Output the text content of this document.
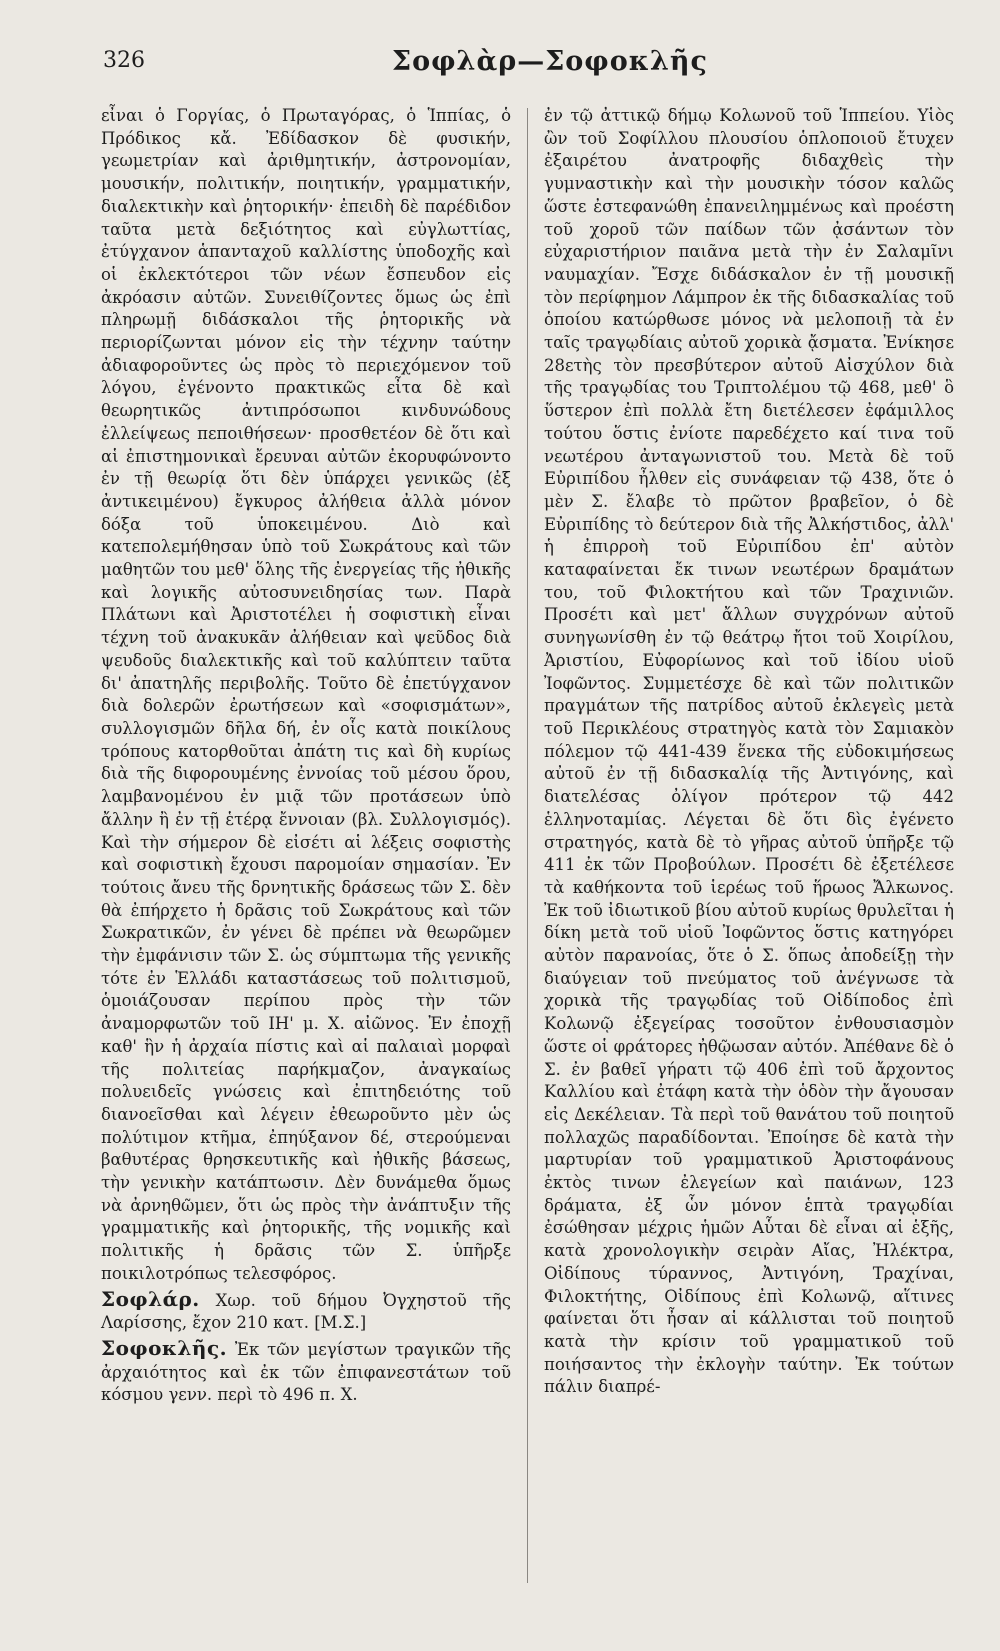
326	Σοφλὰρ—Σοφοκλῆς

εἶναι ὁ Γοργίας, ὁ Πρωταγόρας, ὁ Ἱππίας, ὁ Πρόδικος κἄ. Ἐδίδασκον δὲ φυσικήν, γεωμετρίαν καὶ ἀριθμητικήν, ἀστρονομίαν, μουσικήν, πολιτικήν, ποιητικήν, γραμματικήν, διαλεκτικὴν καὶ ῥητορικήν· ἐπειδὴ δὲ παρέδιδον ταῦτα μετὰ δεξιότητος καὶ εὐγλωττίας, ἐτύγχανον ἁπανταχοῦ καλλίστης ὑποδοχῆς καὶ οἱ ἐκλεκτότεροι τῶν νέων ἔσπευδον εἰς ἀκρόασιν αὐτῶν. Συνειθίζοντες ὅμως ὡς ἐπὶ πληρωμῇ διδάσκαλοι τῆς ῥητορικῆς νὰ περιορίζωνται μόνον εἰς τὴν τέχνην ταύτην ἀδιαφοροῦντες ὡς πρὸς τὸ περιεχόμενον τοῦ λόγου, ἐγένοντο πρακτικῶς εἶτα δὲ καὶ θεωρητικῶς ἀντιπρόσωποι κινδυνώδους ἐλλείψεως πεποιθήσεων· προσθετέον δὲ ὅτι καὶ αἱ ἐπιστημονικαὶ ἔρευναι αὐτῶν ἐκορυφώνοντο ἐν τῇ θεωρίᾳ ὅτι δὲν ὑπάρχει γενικῶς (ἐξ ἀντικειμένου) ἔγκυρος ἀλήθεια ἀλλὰ μόνον δόξα τοῦ ὑποκειμένου. Διὸ καὶ κατεπολεμήθησαν ὑπὸ τοῦ Σωκράτους καὶ τῶν μαθητῶν του μεθ' ὅλης τῆς ἐνεργείας τῆς ἠθικῆς καὶ λογικῆς αὐτοσυνειδησίας των. Παρὰ Πλάτωνι καὶ Ἀριστοτέλει ἡ σοφιστικὴ εἶναι τέχνη τοῦ ἀνακυκᾶν ἀλήθειαν καὶ ψεῦδος διὰ ψευδοῦς διαλεκτικῆς καὶ τοῦ καλύπτειν ταῦτα δι' ἀπατηλῆς περιβολῆς. Τοῦτο δὲ ἐπετύγχανον διὰ δολερῶν ἐρωτήσεων καὶ «σοφισμάτων», συλλογισμῶν δῆλα δή, ἐν οἷς κατὰ ποικίλους τρόπους κατορθοῦται ἀπάτη τις καὶ δὴ κυρίως διὰ τῆς διφορουμένης ἐννοίας τοῦ μέσου ὅρου, λαμβανομένου ἐν μιᾷ τῶν προτάσεων ὑπὸ ἄλλην ἢ ἐν τῇ ἑτέρᾳ ἔννοιαν (βλ. Συλλογισμός). Καὶ τὴν σήμερον δὲ εἰσέτι αἱ λέξεις σοφιστὴς καὶ σοφιστικὴ ἔχουσι παρομοίαν σημασίαν. Ἐν τούτοις ἄνευ τῆς δρνητικῆς δράσεως τῶν Σ. δὲν θὰ ἐπήρχετο ἡ δρᾶσις τοῦ Σωκράτους καὶ τῶν Σωκρατικῶν, ἐν γένει δὲ πρέπει νὰ θεωρῶμεν τὴν ἐμφάνισιν τῶν Σ. ὡς σύμπτωμα τῆς γενικῆς τότε ἐν Ἑλλάδι καταστάσεως τοῦ πολιτισμοῦ, ὁμοιάζουσαν περίπου πρὸς τὴν τῶν ἀναμορφωτῶν τοῦ ΙΗ' μ. Χ. αἰῶνος. Ἐν ἐποχῇ καθ' ἣν ἡ ἀρχαία πίστις καὶ αἱ παλαιαὶ μορφαὶ τῆς πολιτείας παρήκμαζον, ἀναγκαίως πολυειδεῖς γνώσεις καὶ ἐπιτηδειότης τοῦ διανοεῖσθαι καὶ λέγειν ἐθεωροῦντο μὲν ὡς πολύτιμον κτῆμα, ἐπηύξανον δέ, στερούμεναι βαθυτέρας θρησκευτικῆς καὶ ἠθικῆς βάσεως, τὴν γενικὴν κατάπτωσιν. Δὲν δυνάμεθα ὅμως νὰ ἀρνηθῶμεν, ὅτι ὡς πρὸς τὴν ἀνάπτυξιν τῆς γραμματικῆς καὶ ῥητορικῆς, τῆς νομικῆς καὶ πολιτικῆς ἡ δρᾶσις τῶν Σ. ὑπῆρξε ποικιλοτρόπως τελεσφόρος.

Σοφλάρ. Χωρ. τοῦ δήμου Ὀγχηστοῦ τῆς Λαρίσσης, ἔχον 210 κατ. [Μ.Σ.]

Σοφοκλῆς. Ἐκ τῶν μεγίστων τραγικῶν τῆς ἀρχαιότητος καὶ ἐκ τῶν ἐπιφανεστάτων τοῦ κόσμου γενν. περὶ τὸ 496 π. Χ.

ἐν τῷ ἀττικῷ δήμῳ Κολωνοῦ τοῦ Ἱππείου. Υἱὸς ὢν τοῦ Σοφίλλου πλουσίου ὁπλοποιοῦ ἔτυχεν ἐξαιρέτου ἀνατροφῆς διδαχθεὶς τὴν γυμναστικὴν καὶ τὴν μουσικὴν τόσον καλῶς ὥστε ἐστεφανώθη ἐπανειλημμένως καὶ προέστη τοῦ χοροῦ τῶν παίδων τῶν ᾀσάντων τὸν εὐχαριστήριον παιᾶνα μετὰ τὴν ἐν Σαλαμῖνι ναυμαχίαν. Ἔσχε διδάσκαλον ἐν τῇ μουσικῇ τὸν περίφημον Λάμπρον ἐκ τῆς διδασκαλίας τοῦ ὁποίου κατώρθωσε μόνος νὰ μελοποιῇ τὰ ἐν ταῖς τραγῳδίαις αὐτοῦ χορικὰ ᾄσματα. Ἐνίκησε 28ετὴς τὸν πρεσβύτερον αὐτοῦ Αἰσχύλον διὰ τῆς τραγῳδίας του Τριπτολέμου τῷ 468, μεθ' ὃ ὕστερον ἐπὶ πολλὰ ἔτη διετέλεσεν ἐφάμιλλος τούτου ὅστις ἐνίοτε παρεδέχετο καί τινα τοῦ νεωτέρου ἀνταγωνιστοῦ του. Μετὰ δὲ τοῦ Εὐριπίδου ἦλθεν εἰς συνάφειαν τῷ 438, ὅτε ὁ μὲν Σ. ἔλαβε τὸ πρῶτον βραβεῖον, ὁ δὲ Εὐριπίδης τὸ δεύτερον διὰ τῆς Ἀλκήστιδος, ἀλλ' ἡ ἐπιρροὴ τοῦ Εὐριπίδου ἐπ' αὐτὸν καταφαίνεται ἔκ τινων νεωτέρων δραμάτων του, τοῦ Φιλοκτήτου καὶ τῶν Τραχινιῶν. Προσέτι καὶ μετ' ἄλλων συγχρόνων αὐτοῦ συνηγωνίσθη ἐν τῷ θεάτρῳ ἤτοι τοῦ Χοιρίλου, Ἀριστίου, Εὐφορίωνος καὶ τοῦ ἰδίου υἱοῦ Ἰοφῶντος. Συμμετέσχε δὲ καὶ τῶν πολιτικῶν πραγμάτων τῆς πατρίδος αὐτοῦ ἐκλεγεὶς μετὰ τοῦ Περικλέους στρατηγὸς κατὰ τὸν Σαμιακὸν πόλεμον τῷ 441-439 ἕνεκα τῆς εὐδοκιμήσεως αὐτοῦ ἐν τῇ διδασκαλίᾳ τῆς Ἀντιγόνης, καὶ διατελέσας ὀλίγον πρότερον τῷ 442 ἑλληνοταμίας. Λέγεται δὲ ὅτι δὶς ἐγένετο στρατηγός, κατὰ δὲ τὸ γῆρας αὐτοῦ ὑπῆρξε τῷ 411 ἐκ τῶν Προβούλων. Προσέτι δὲ ἐξετέλεσε τὰ καθήκοντα τοῦ ἱερέως τοῦ ἥρωος Ἄλκωνος. Ἐκ τοῦ ἰδιωτικοῦ βίου αὐτοῦ κυρίως θρυλεῖται ἡ δίκη μετὰ τοῦ υἱοῦ Ἰοφῶντος ὅστις κατηγόρει αὐτὸν παρανοίας, ὅτε ὁ Σ. ὅπως ἀποδείξῃ τὴν διαύγειαν τοῦ πνεύματος τοῦ ἀνέγνωσε τὰ χορικὰ τῆς τραγῳδίας τοῦ Οἰδίποδος ἐπὶ Κολωνῷ ἐξεγείρας τοσοῦτον ἐνθουσιασμὸν ὥστε οἱ φράτορες ἠθῷωσαν αὐτόν. Ἀπέθανε δὲ ὁ Σ. ἐν βαθεῖ γήρατι τῷ 406 ἐπὶ τοῦ ἄρχοντος Καλλίου καὶ ἐτάφη κατὰ τὴν ὁδὸν τὴν ἄγουσαν εἰς Δεκέλειαν. Τὰ περὶ τοῦ θανάτου τοῦ ποιητοῦ πολλαχῶς παραδίδονται. Ἐποίησε δὲ κατὰ τὴν μαρτυρίαν τοῦ γραμματικοῦ Ἀριστοφάνους ἐκτὸς τινων ἐλεγείων καὶ παιάνων, 123 δράματα, ἐξ ὧν μόνον ἑπτὰ τραγῳδίαι ἐσώθησαν μέχρις ἡμῶν Αὗται δὲ εἶναι αἱ ἑξῆς, κατὰ χρονολογικὴν σειρὰν Αἴας, Ἠλέκτρα, Οἰδίπους τύραννος, Ἀντιγόνη, Τραχίναι, Φιλοκτήτης, Οἰδίπους ἐπὶ Κολωνῷ, αἵτινες φαίνεται ὅτι ἦσαν αἱ κάλλισται τοῦ ποιητοῦ κατὰ τὴν κρίσιν τοῦ γραμματικοῦ τοῦ ποιήσαντος τὴν ἐκλογὴν ταύτην. Ἐκ τούτων πάλιν διαπρέ-
